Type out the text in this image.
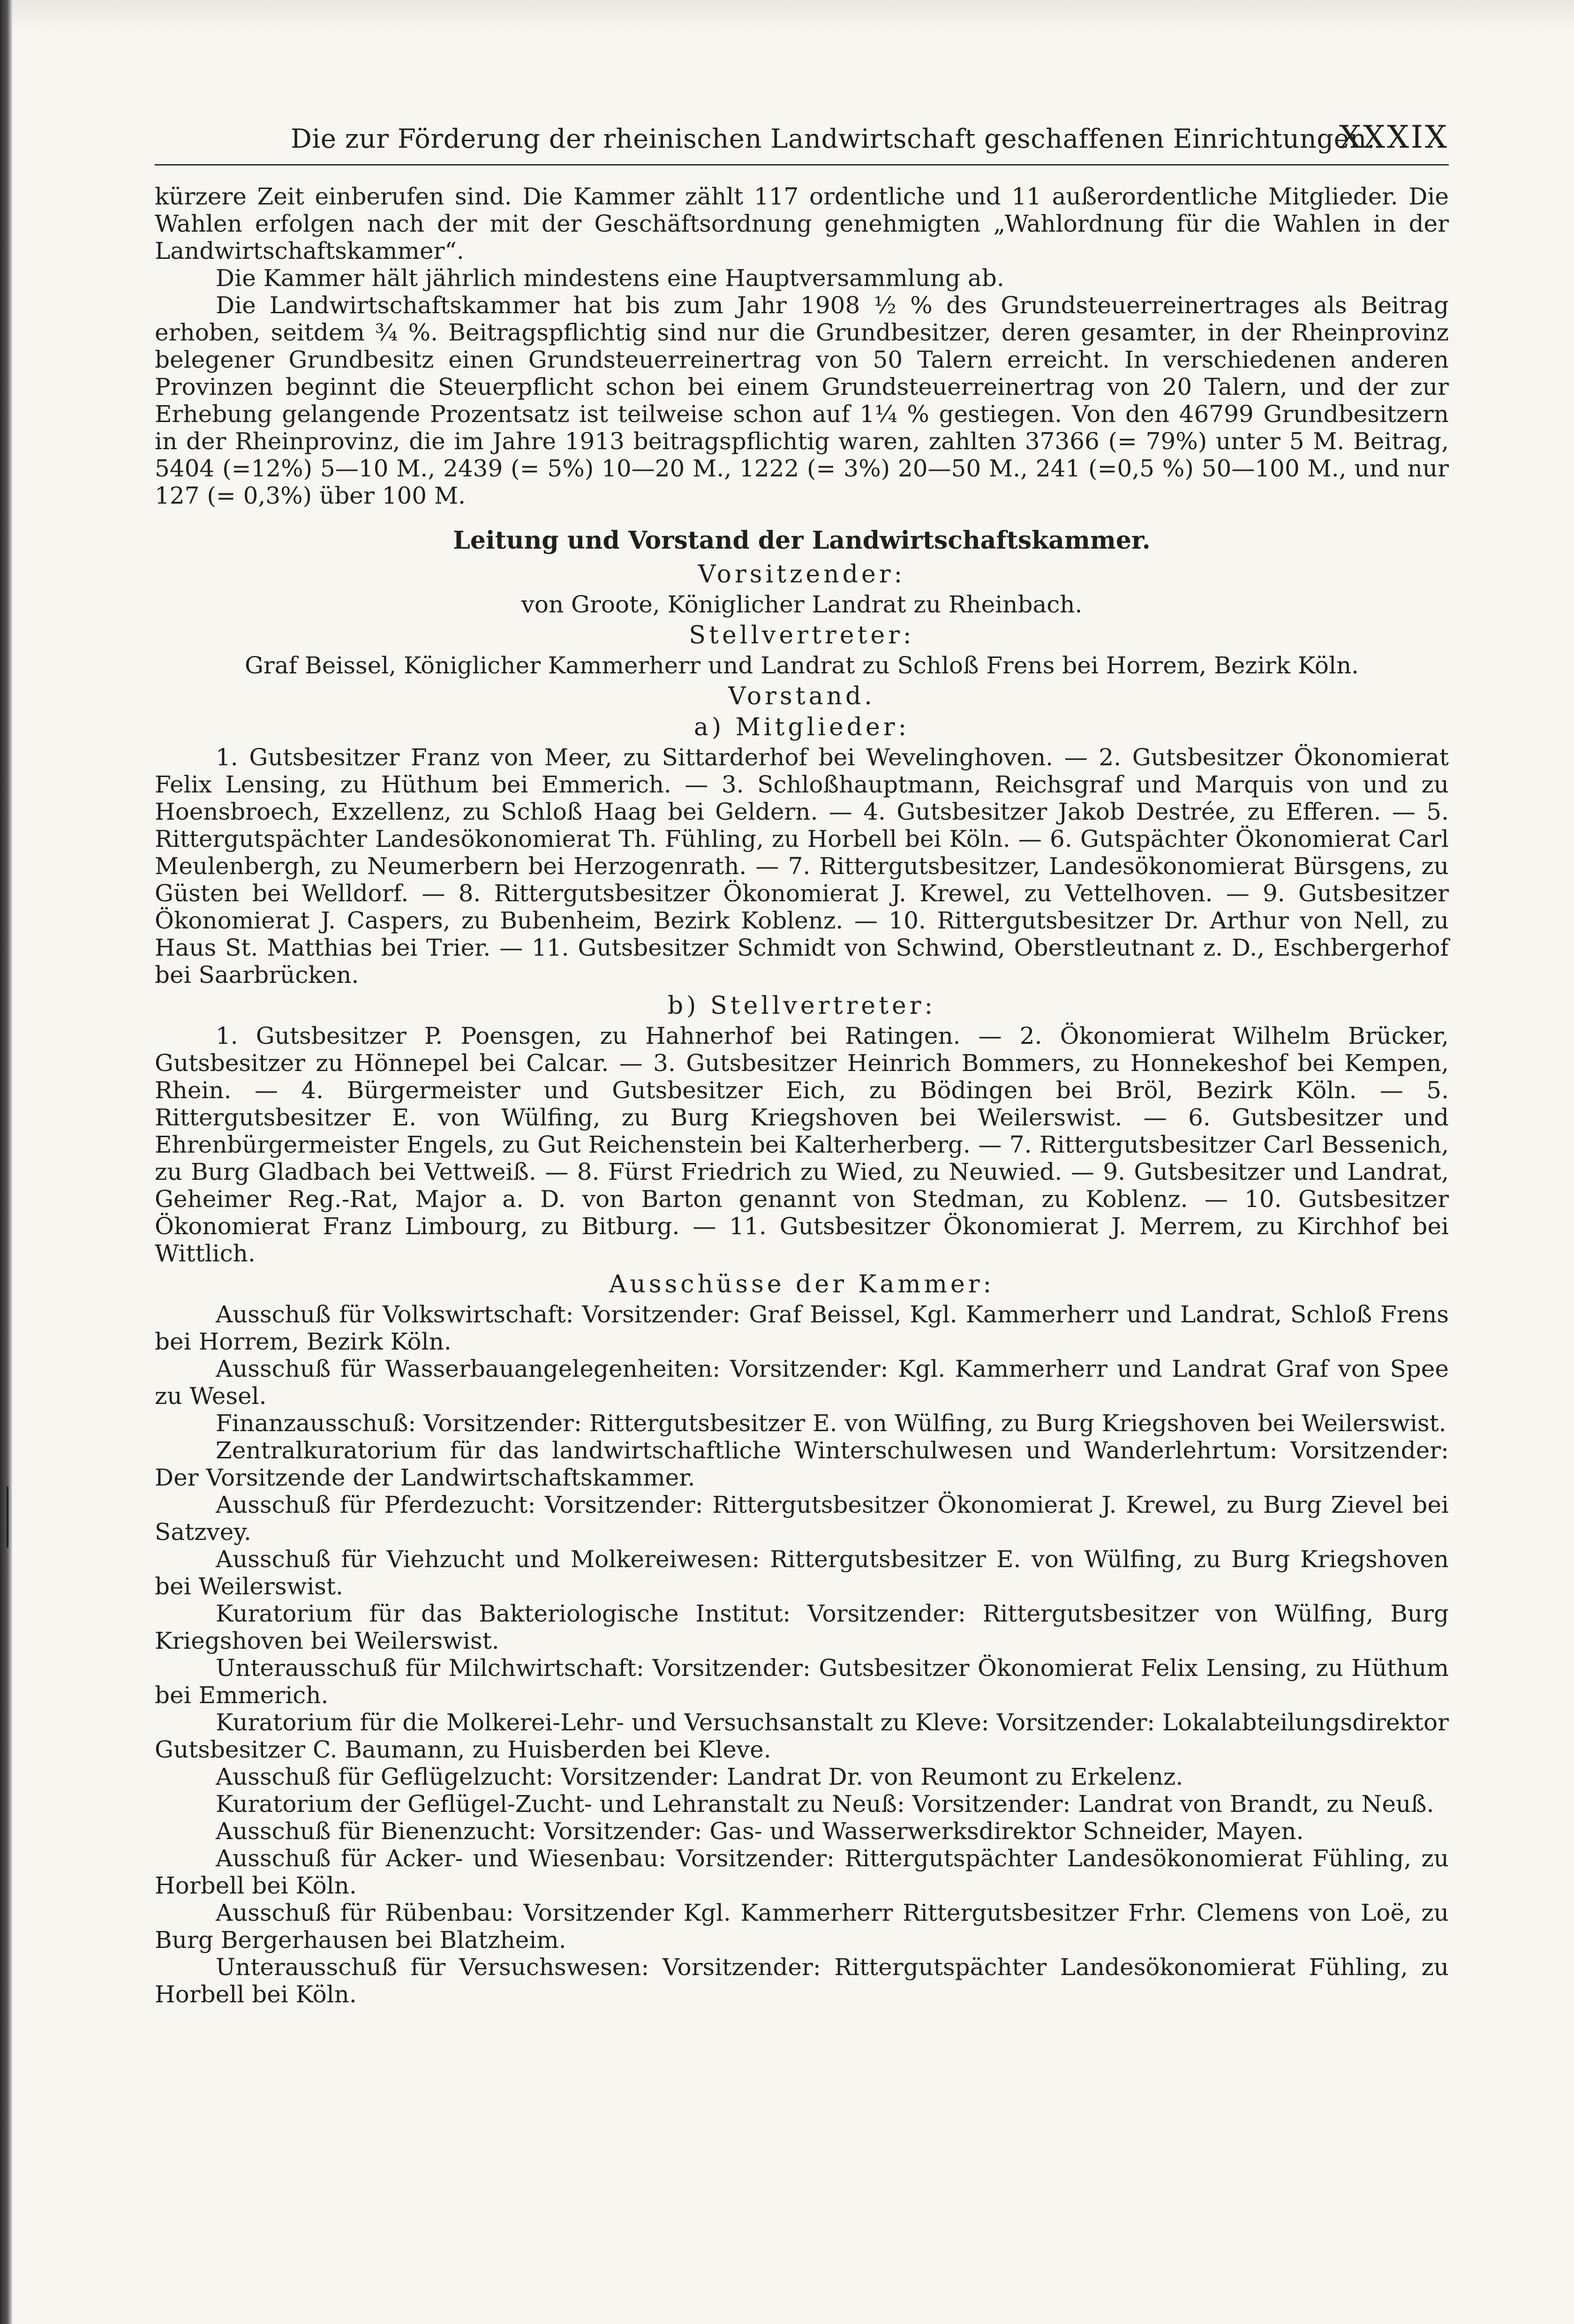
Die zur Förderung der rheinischen Landwirtschaft geschaffenen Einrichtungen.
XXXIX

kürzere Zeit einberufen sind. Die Kammer zählt 117 ordentliche und 11 außerordentliche Mitglieder. Die Wahlen erfolgen nach der mit der Geschäftsordnung genehmigten „Wahlordnung für die Wahlen in der Landwirtschaftskammer“.

Die Kammer hält jährlich mindestens eine Hauptversammlung ab.

Die Landwirtschaftskammer hat bis zum Jahr 1908 ½ % des Grundsteuerreinertrages als Beitrag erhoben, seitdem ¾ %. Beitragspflichtig sind nur die Grundbesitzer, deren gesamter, in der Rheinprovinz belegener Grundbesitz einen Grundsteuerreinertrag von 50 Talern erreicht. In verschiedenen anderen Provinzen beginnt die Steuerpflicht schon bei einem Grundsteuerreinertrag von 20 Talern, und der zur Erhebung gelangende Prozentsatz ist teilweise schon auf 1¼ % gestiegen. Von den 46799 Grundbesitzern in der Rheinprovinz, die im Jahre 1913 beitragspflichtig waren, zahlten 37366 (= 79%) unter 5 M. Beitrag, 5404 (=12%) 5—10 M., 2439 (= 5%) 10—20 M., 1222 (= 3%) 20—50 M., 241 (=0,5 %) 50—100 M., und nur 127 (= 0,3%) über 100 M.

Leitung und Vorstand der Landwirtschaftskammer.
Vorsitzender:
von Groote, Königlicher Landrat zu Rheinbach.
Stellvertreter:
Graf Beissel, Königlicher Kammerherr und Landrat zu Schloß Frens bei Horrem, Bezirk Köln.
Vorstand.
a) Mitglieder:

1. Gutsbesitzer Franz von Meer, zu Sittarderhof bei Wevelinghoven. — 2. Gutsbesitzer Ökonomierat Felix Lensing, zu Hüthum bei Emmerich. — 3. Schloßhauptmann, Reichsgraf und Marquis von und zu Hoensbroech, Exzellenz, zu Schloß Haag bei Geldern. — 4. Gutsbesitzer Jakob Destrée, zu Efferen. — 5. Rittergutspächter Landesökonomierat Th. Fühling, zu Horbell bei Köln. — 6. Gutspächter Ökonomierat Carl Meulenbergh, zu Neumerbern bei Herzogenrath. — 7. Rittergutsbesitzer, Landesökonomierat Bürsgens, zu Güsten bei Welldorf. — 8. Rittergutsbesitzer Ökonomierat J. Krewel, zu Vettelhoven. — 9. Gutsbesitzer Ökonomierat J. Caspers, zu Bubenheim, Bezirk Koblenz. — 10. Rittergutsbesitzer Dr. Arthur von Nell, zu Haus St. Matthias bei Trier. — 11. Gutsbesitzer Schmidt von Schwind, Oberstleutnant z. D., Eschbergerhof bei Saarbrücken.

b) Stellvertreter:

1. Gutsbesitzer P. Poensgen, zu Hahnerhof bei Ratingen. — 2. Ökonomierat Wilhelm Brücker, Gutsbesitzer zu Hönnepel bei Calcar. — 3. Gutsbesitzer Heinrich Bommers, zu Honnekeshof bei Kempen, Rhein. — 4. Bürgermeister und Gutsbesitzer Eich, zu Bödingen bei Bröl, Bezirk Köln. — 5. Rittergutsbesitzer E. von Wülfing, zu Burg Kriegshoven bei Weilerswist. — 6. Gutsbesitzer und Ehrenbürgermeister Engels, zu Gut Reichenstein bei Kalterherberg. — 7. Rittergutsbesitzer Carl Bessenich, zu Burg Gladbach bei Vettweiß. — 8. Fürst Friedrich zu Wied, zu Neuwied. — 9. Gutsbesitzer und Landrat, Geheimer Reg.-Rat, Major a. D. von Barton genannt von Stedman, zu Koblenz. — 10. Gutsbesitzer Ökonomierat Franz Limbourg, zu Bitburg. — 11. Gutsbesitzer Ökonomierat J. Merrem, zu Kirchhof bei Wittlich.

Ausschüsse der Kammer:

Ausschuß für Volkswirtschaft: Vorsitzender: Graf Beissel, Kgl. Kammerherr und Landrat, Schloß Frens bei Horrem, Bezirk Köln.

Ausschuß für Wasserbauangelegenheiten: Vorsitzender: Kgl. Kammerherr und Landrat Graf von Spee zu Wesel.

Finanzausschuß: Vorsitzender: Rittergutsbesitzer E. von Wülfing, zu Burg Kriegshoven bei Weilerswist.

Zentralkuratorium für das landwirtschaftliche Winterschulwesen und Wanderlehrtum: Vorsitzender: Der Vorsitzende der Landwirtschaftskammer.

Ausschuß für Pferdezucht: Vorsitzender: Rittergutsbesitzer Ökonomierat J. Krewel, zu Burg Zievel bei Satzvey.

Ausschuß für Viehzucht und Molkereiwesen: Rittergutsbesitzer E. von Wülfing, zu Burg Kriegshoven bei Weilerswist.

Kuratorium für das Bakteriologische Institut: Vorsitzender: Rittergutsbesitzer von Wülfing, Burg Kriegshoven bei Weilerswist.

Unterausschuß für Milchwirtschaft: Vorsitzender: Gutsbesitzer Ökonomierat Felix Lensing, zu Hüthum bei Emmerich.

Kuratorium für die Molkerei-Lehr- und Versuchsanstalt zu Kleve: Vorsitzender: Lokalabteilungsdirektor Gutsbesitzer C. Baumann, zu Huisberden bei Kleve.

Ausschuß für Geflügelzucht: Vorsitzender: Landrat Dr. von Reumont zu Erkelenz.

Kuratorium der Geflügel-Zucht- und Lehranstalt zu Neuß: Vorsitzender: Landrat von Brandt, zu Neuß.

Ausschuß für Bienenzucht: Vorsitzender: Gas- und Wasserwerksdirektor Schneider, Mayen.

Ausschuß für Acker- und Wiesenbau: Vorsitzender: Rittergutspächter Landesökonomierat Fühling, zu Horbell bei Köln.

Ausschuß für Rübenbau: Vorsitzender Kgl. Kammerherr Rittergutsbesitzer Frhr. Clemens von Loë, zu Burg Bergerhausen bei Blatzheim.

Unterausschuß für Versuchswesen: Vorsitzender: Rittergutspächter Landesökonomierat Fühling, zu Horbell bei Köln.
